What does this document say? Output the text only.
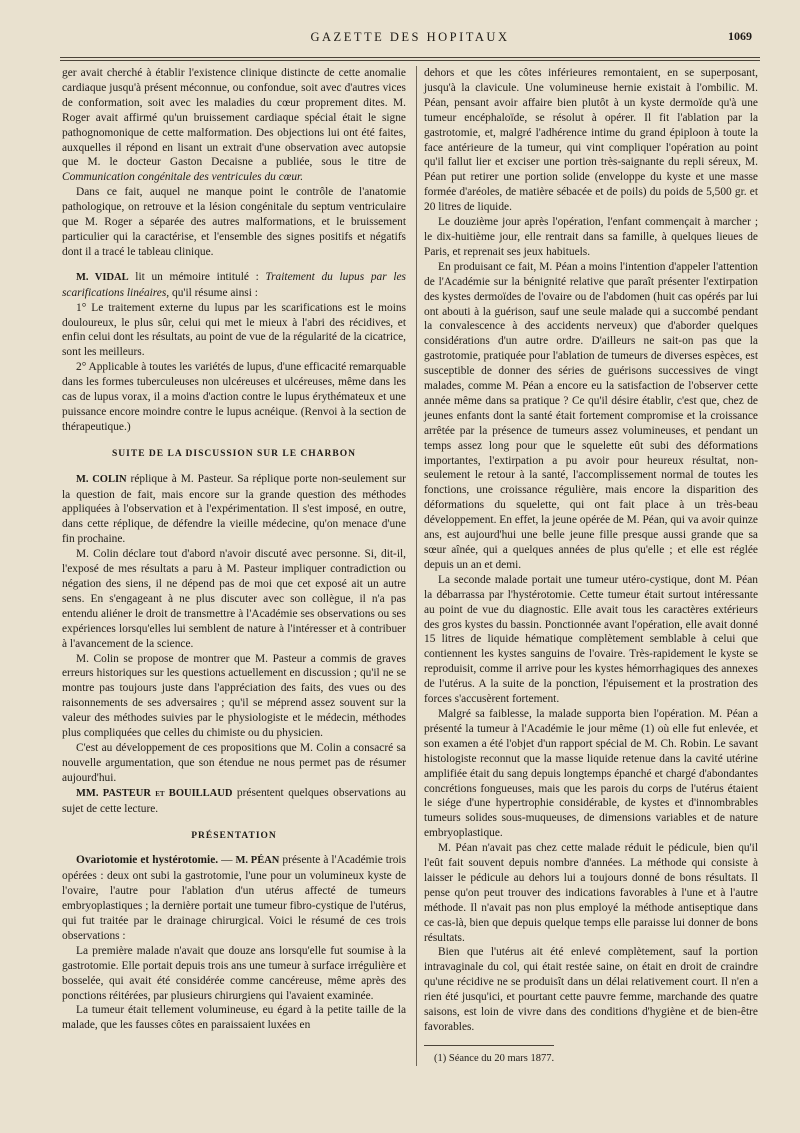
GAZETTE DES HOPITAUX	1069

ger avait cherché à établir l'existence clinique distincte de cette anomalie cardiaque jusqu'à présent méconnue, ou confondue, soit avec d'autres vices de conformation, soit avec les maladies du cœur proprement dites. M. Roger avait affirmé qu'un bruissement cardiaque spécial était le signe pathognomonique de cette malformation. Des objections lui ont été faites, auxquelles il répond en lisant un extrait d'une observation avec autopsie que M. le docteur Gaston Decaisne a publiée, sous le titre de Communication congénitale des ventricules du cœur.

Dans ce fait, auquel ne manque point le contrôle de l'anatomie pathologique, on retrouve et la lésion congénitale du septum ventriculaire que M. Roger a séparée des autres malformations, et le bruissement particulier qui la caractérise, et l'ensemble des signes positifs et négatifs dont il a tracé le tableau clinique.

M. VIDAL lit un mémoire intitulé : Traitement du lupus par les scarifications linéaires, qu'il résume ainsi :

1° Le traitement externe du lupus par les scarifications est le moins douloureux, le plus sûr, celui qui met le mieux à l'abri des récidives, et enfin celui dont les résultats, au point de vue de la régularité de la cicatrice, sont les meilleurs.

2° Applicable à toutes les variétés de lupus, d'une efficacité remarquable dans les formes tuberculeuses non ulcéreuses et ulcéreuses, même dans les cas de lupus vorax, il a moins d'action contre le lupus érythémateux et une puissance encore moindre contre le lupus acnéique. (Renvoi à la section de thérapeutique.)

SUITE DE LA DISCUSSION SUR LE CHARBON

M. COLIN réplique à M. Pasteur. Sa réplique porte non-seulement sur la question de fait, mais encore sur la grande question des méthodes appliquées à l'observation et à l'expérimentation. Il s'est imposé, en outre, dans cette réplique, de défendre la vieille médecine, qu'on menace d'une fin prochaine.

M. Colin déclare tout d'abord n'avoir discuté avec personne. Si, dit-il, l'exposé de mes résultats a paru à M. Pasteur impliquer contradiction ou négation des siens, il ne dépend pas de moi que cet exposé ait un autre sens. En s'engageant à ne plus discuter avec son collègue, il n'a pas entendu aliéner le droit de transmettre à l'Académie ses observations ou ses expériences lorsqu'elles lui semblent de nature à l'intéresser et à contribuer à l'avancement de la science.

M. Colin se propose de montrer que M. Pasteur a commis de graves erreurs historiques sur les questions actuellement en discussion ; qu'il ne se montre pas toujours juste dans l'appréciation des faits, des vues ou des raisonnements de ses adversaires ; qu'il se méprend assez souvent sur la valeur des méthodes suivies par le physiologiste et le médecin, méthodes plus compliquées que celles du chimiste ou du physicien.

C'est au développement de ces propositions que M. Colin a consacré sa nouvelle argumentation, que son étendue ne nous permet pas de résumer aujourd'hui.

MM. PASTEUR et BOUILLAUD présentent quelques observations au sujet de cette lecture.

PRÉSENTATION

Ovariotomie et hystérotomie. — M. PÉAN présente à l'Académie trois opérées : deux ont subi la gastrotomie, l'une pour un volumineux kyste de l'ovaire, l'autre pour l'ablation d'un utérus affecté de tumeurs embryoplastiques ; la dernière portait une tumeur fibro-cystique de l'utérus, qui fut traitée par le drainage chirurgical. Voici le résumé de ces trois observations :

La première malade n'avait que douze ans lorsqu'elle fut soumise à la gastrotomie. Elle portait depuis trois ans une tumeur à surface irrégulière et bosselée, qui avait été considérée comme cancéreuse, même après des ponctions réitérées, par plusieurs chirurgiens qui l'avaient examinée.

La tumeur était tellement volumineuse, eu égard à la petite taille de la malade, que les fausses côtes en paraissaient luxées en

dehors et que les côtes inférieures remontaient, en se superposant, jusqu'à la clavicule. Une volumineuse hernie existait à l'ombilic. M. Péan, pensant avoir affaire bien plutôt à un kyste dermoïde qu'à une tumeur encéphaloïde, se résolut à opérer. Il fit l'ablation par la gastrotomie, et, malgré l'adhérence intime du grand épiploon à toute la face antérieure de la tumeur, qui vint compliquer l'opération au point qu'il fallut lier et exciser une portion très-saignante du repli séreux, M. Péan put retirer une portion solide (enveloppe du kyste et une masse formée d'aréoles, de matière sébacée et de poils) du poids de 5,500 gr. et 20 litres de liquide.

Le douzième jour après l'opération, l'enfant commençait à marcher ; le dix-huitième jour, elle rentrait dans sa famille, à quelques lieues de Paris, et reprenait ses jeux habituels.

En produisant ce fait, M. Péan a moins l'intention d'appeler l'attention de l'Académie sur la bénignité relative que paraît présenter l'extirpation des kystes dermoïdes de l'ovaire ou de l'abdomen (huit cas opérés par lui ont abouti à la guérison, sauf une seule malade qui a succombé pendant la convalescence à des accidents nerveux) que d'aborder quelques considérations d'un autre ordre. D'ailleurs ne sait-on pas que la gastrotomie, pratiquée pour l'ablation de tumeurs de diverses espèces, est susceptible de donner des séries de guérisons successives de vingt malades, comme M. Péan a encore eu la satisfaction de l'observer cette année même dans sa pratique ? Ce qu'il désire établir, c'est que, chez de jeunes enfants dont la santé était fortement compromise et la croissance arrêtée par la présence de tumeurs assez volumineuses, et pendant un temps assez long pour que le squelette eût subi des déformations importantes, l'extirpation a pu avoir pour heureux résultat, non-seulement le retour à la santé, l'accomplissement normal de toutes les fonctions, une croissance régulière, mais encore la disparition des déformations du squelette, qui ont fait place à un très-beau développement. En effet, la jeune opérée de M. Péan, qui va avoir quinze ans, est aujourd'hui une belle jeune fille presque aussi grande que sa sœur aînée, qui a quelques années de plus qu'elle ; et elle est réglée depuis un an et demi.

La seconde malade portait une tumeur utéro-cystique, dont M. Péan la débarrassa par l'hystérotomie. Cette tumeur était surtout intéressante au point de vue du diagnostic. Elle avait tous les caractères extérieurs des gros kystes du bassin. Ponctionnée avant l'opération, elle avait donné 15 litres de liquide hématique complètement semblable à celui que contiennent les kystes sanguins de l'ovaire. Très-rapidement le kyste se reproduisit, comme il arrive pour les kystes hémorrhagiques des annexes de l'utérus. A la suite de la ponction, l'épuisement et la prostration des forces s'accusèrent fortement.

Malgré sa faiblesse, la malade supporta bien l'opération. M. Péan a présenté la tumeur à l'Académie le jour même (1) où elle fut enlevée, et son examen a été l'objet d'un rapport spécial de M. Ch. Robin. Le savant histologiste reconnut que la masse liquide retenue dans la cavité utérine amplifiée était du sang depuis longtemps épanché et chargé d'abondantes concrétions fongueuses, mais que les parois du corps de l'utérus étaient le siége d'une hypertrophie considérable, de kystes et d'innombrables tumeurs solides sous-muqueuses, de dimensions variables et de nature embryoplastique.

M. Péan n'avait pas chez cette malade réduit le pédicule, bien qu'il l'eût fait souvent depuis nombre d'années. La méthode qui consiste à laisser le pédicule au dehors lui a toujours donné de bons résultats. Il pense qu'on peut trouver des indications favorables à l'une et à l'autre méthode. Il n'avait pas non plus employé la méthode antiseptique dans ce cas-là, bien que depuis quelque temps elle paraisse lui donner de bons résultats.

Bien que l'utérus ait été enlevé complètement, sauf la portion intravaginale du col, qui était restée saine, on était en droit de craindre qu'une récidive ne se produisît dans un délai relativement court. Il n'en a rien été jusqu'ici, et pourtant cette pauvre femme, marchande des quatre saisons, est loin de vivre dans des conditions d'hygiène et de bien-être favorables.

(1) Séance du 20 mars 1877.
